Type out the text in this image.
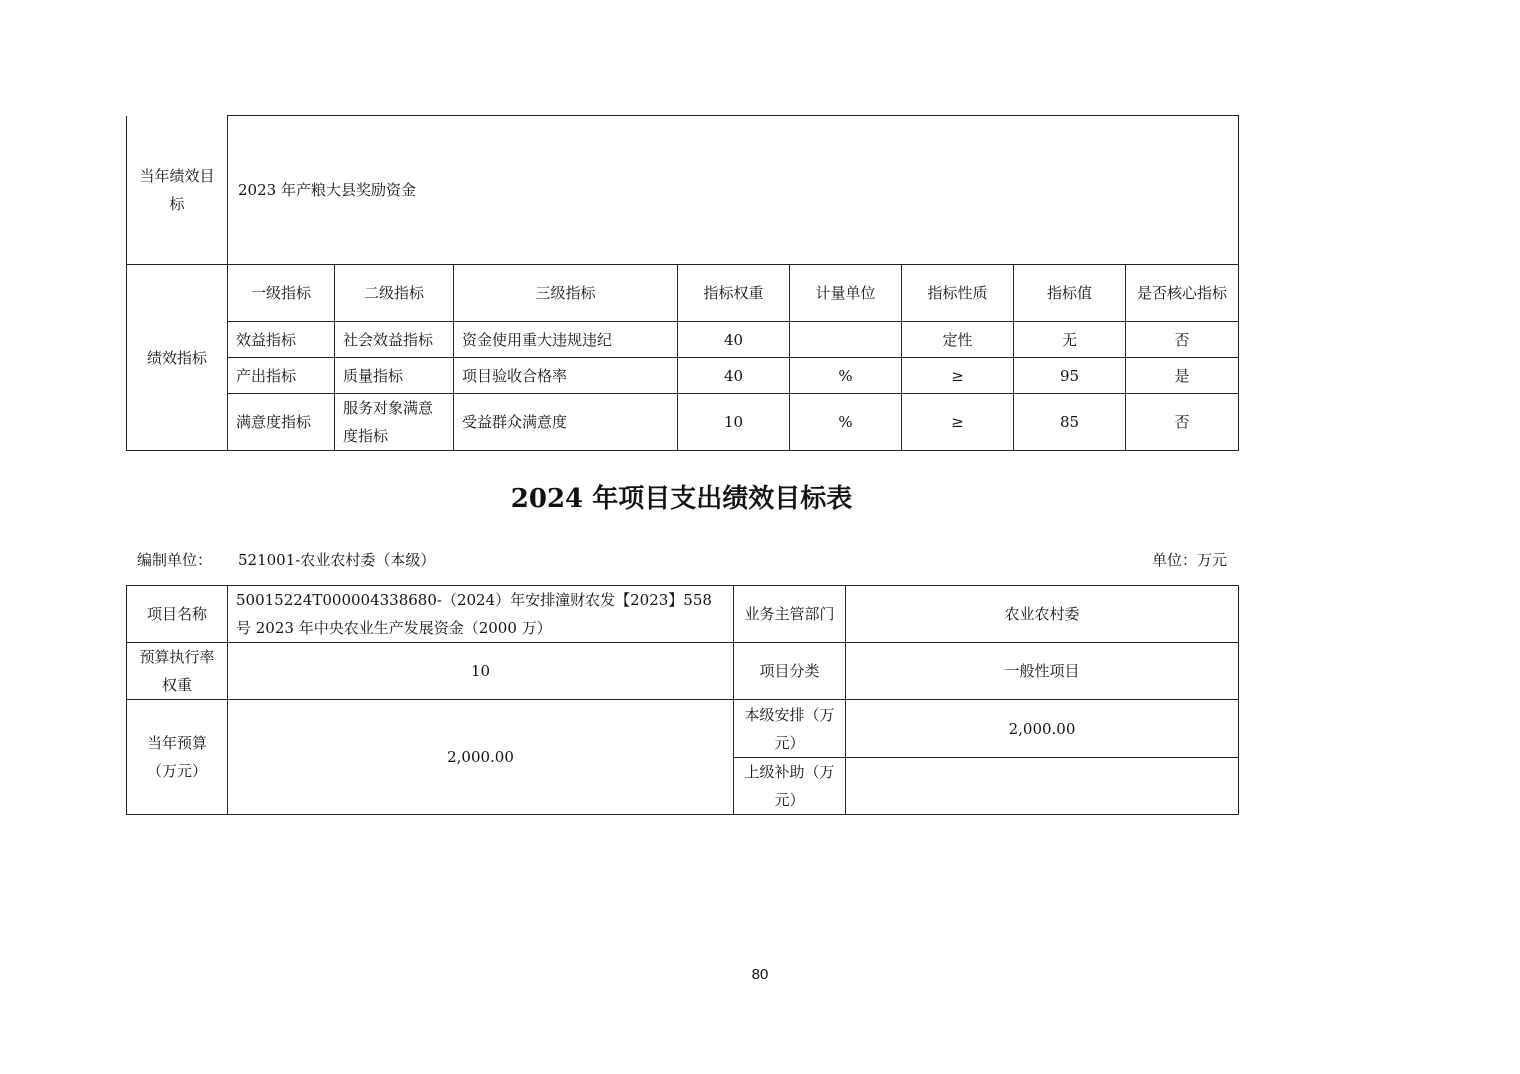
当年绩效目标	2023 年产粮大县奖励资金							
绩效指标	一级指标	二级指标	三级指标	指标权重	计量单位	指标性质	指标值	是否核心指标
	效益指标	社会效益指标	资金使用重大违规违纪	40		定性	无	否
	产出指标	质量指标	项目验收合格率	40	%	≥	95	是
	满意度指标	服务对象满意度指标	受益群众满意度	10	%	≥	85	否
2024 年项目支出绩效目标表
编制单位： 521001-农业农村委（本级）	单位：万元
项目名称	50015224T000004338680-（2024）年安排潼财农发【2023】558 号 2023 年中央农业生产发展资金（2000 万）	业务主管部门	农业农村委
预算执行率权重	10	项目分类	一般性项目
当年预算（万元）	2,000.00	本级安排（万元）	2,000.00
		上级补助（万元）	
80
